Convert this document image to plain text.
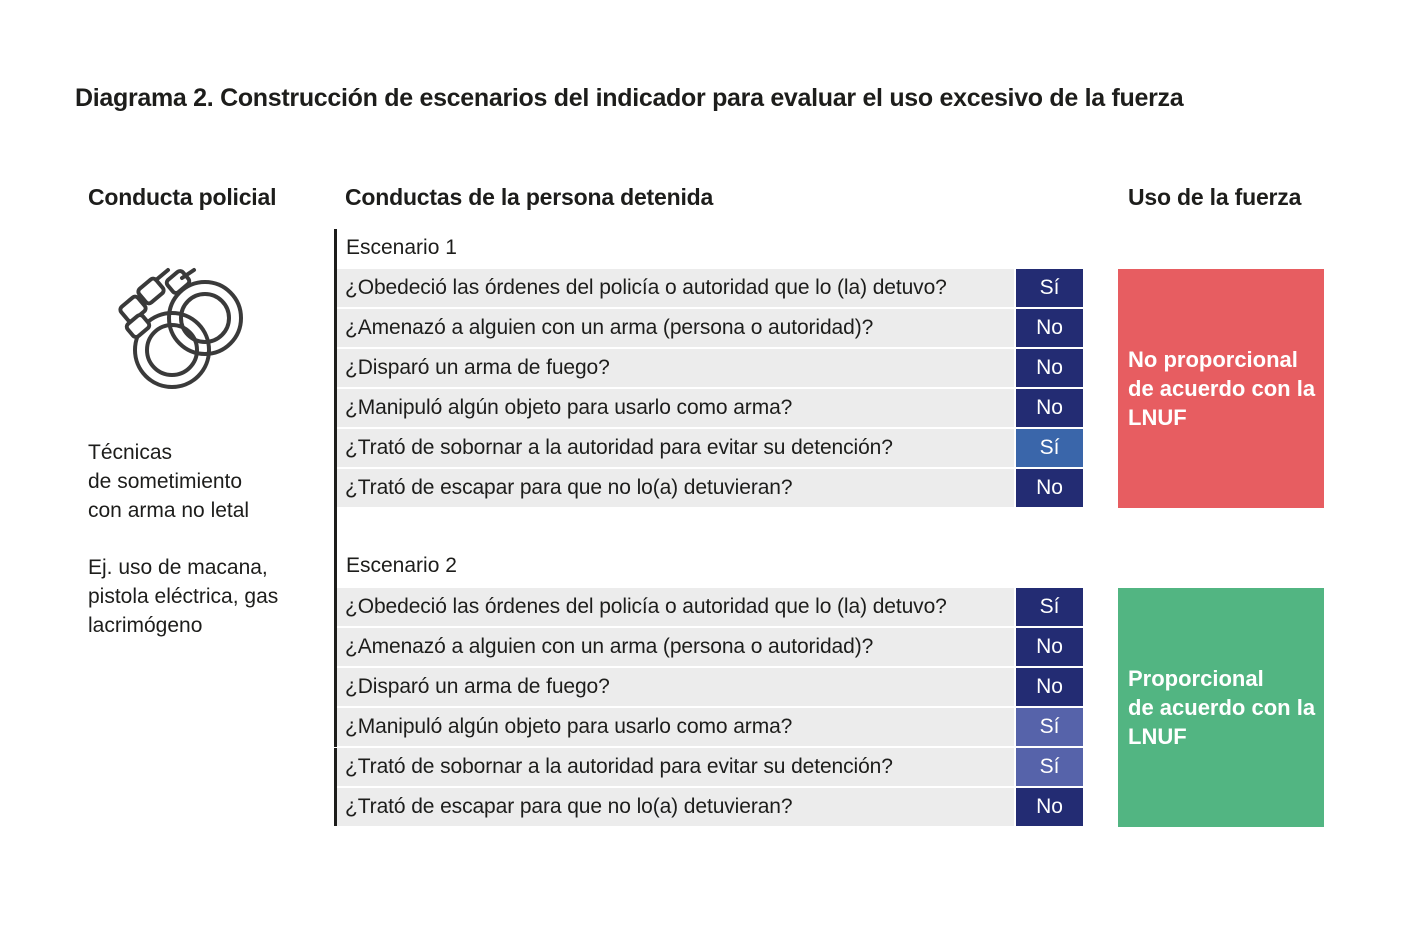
Diagrama 2. Construcción de escenarios del indicador para evaluar el uso excesivo de la fuerza
Conducta policial	Conductas de la persona detenida	Uso de la fuerza
Técnicas
de sometimiento
con arma no letal
Ej. uso de macana,
pistola eléctrica, gas
lacrimógeno
Escenario 1
¿Obedeció las órdenes del policía o autoridad que lo (la) detuvo?	Sí
¿Amenazó a alguien con un arma (persona o autoridad)?	No
¿Disparó un arma de fuego?	No
¿Manipuló algún objeto para usarlo como arma?	No
¿Trató de sobornar a la autoridad para evitar su detención?	Sí
¿Trató de escapar para que no lo(a) detuvieran?	No
No proporcional
de acuerdo con la
LNUF
Escenario 2
¿Obedeció las órdenes del policía o autoridad que lo (la) detuvo?	Sí
¿Amenazó a alguien con un arma (persona o autoridad)?	No
¿Disparó un arma de fuego?	No
¿Manipuló algún objeto para usarlo como arma?	Sí
¿Trató de sobornar a la autoridad para evitar su detención?	Sí
¿Trató de escapar para que no lo(a) detuvieran?	No
Proporcional
de acuerdo con la
LNUF
